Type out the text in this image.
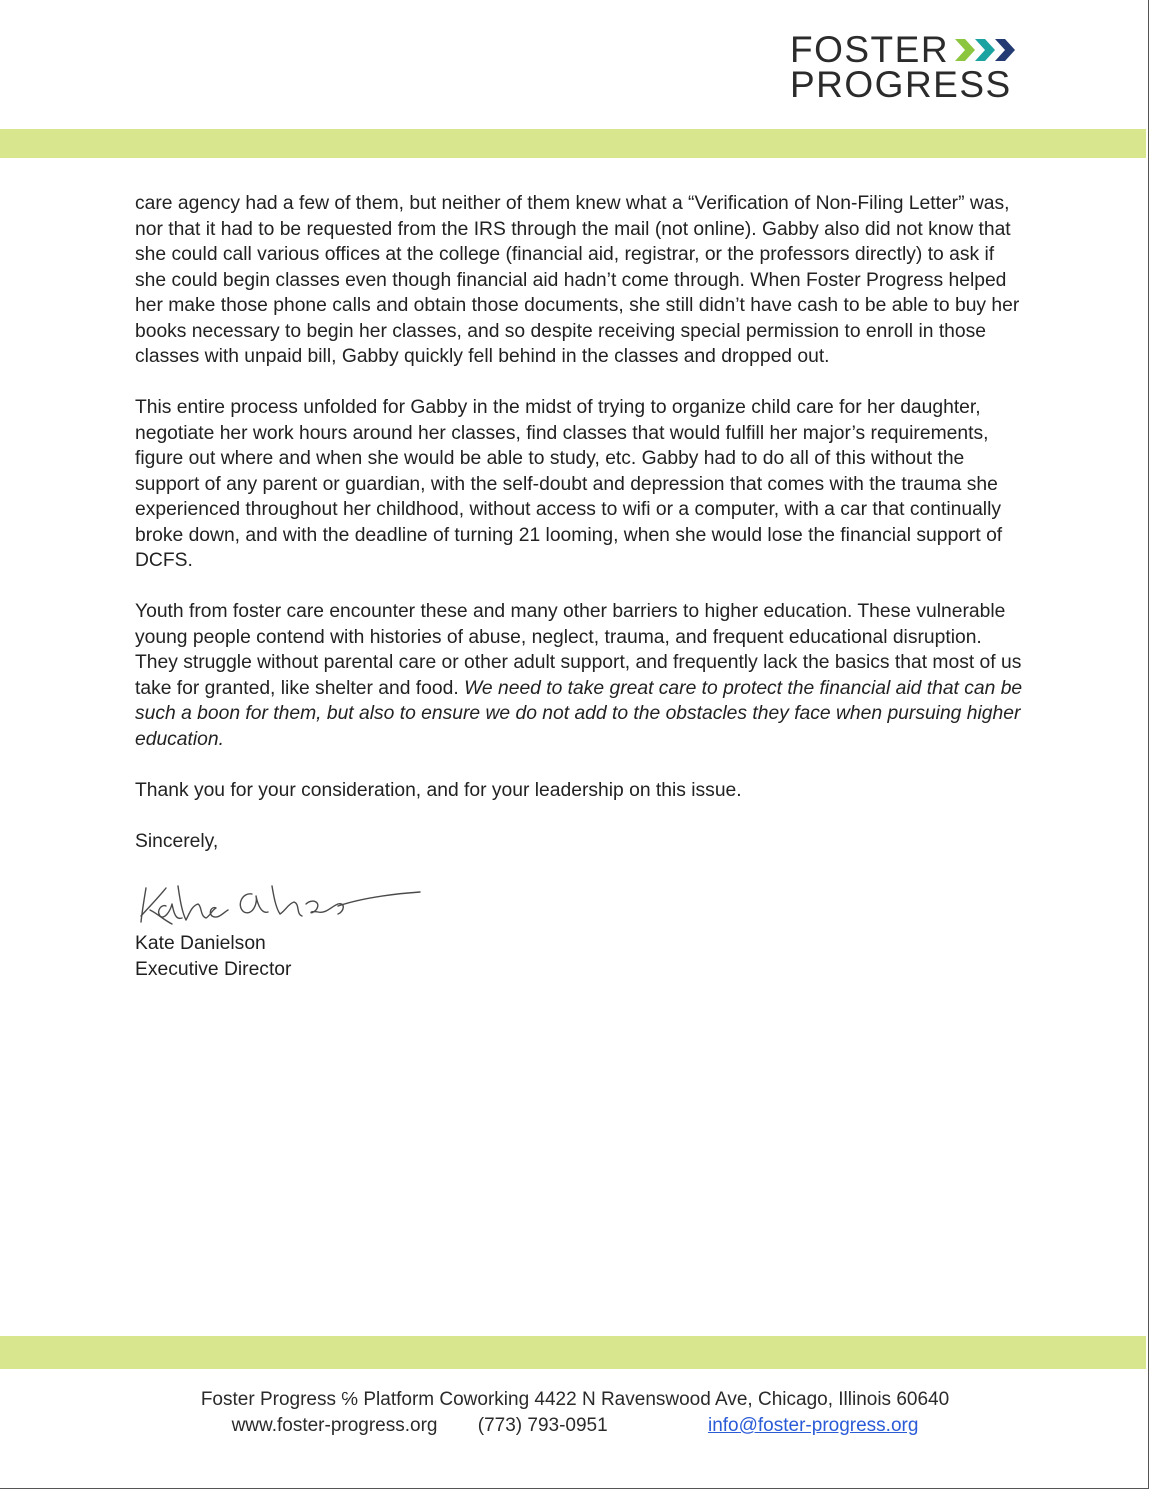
FOSTER
PROGRESS

care agency had a few of them, but neither of them knew what a “Verification of Non-Filing Letter” was, nor that it had to be requested from the IRS through the mail (not online). Gabby also did not know that she could call various offices at the college (financial aid, registrar, or the professors directly) to ask if she could begin classes even though financial aid hadn’t come through. When Foster Progress helped her make those phone calls and obtain those documents, she still didn’t have cash to be able to buy her books necessary to begin her classes, and so despite receiving special permission to enroll in those classes with unpaid bill, Gabby quickly fell behind in the classes and dropped out.

This entire process unfolded for Gabby in the midst of trying to organize child care for her daughter, negotiate her work hours around her classes, find classes that would fulfill her major’s requirements, figure out where and when she would be able to study, etc. Gabby had to do all of this without the support of any parent or guardian, with the self-doubt and depression that comes with the trauma she experienced throughout her childhood, without access to wifi or a computer, with a car that continually broke down, and with the deadline of turning 21 looming, when she would lose the financial support of DCFS.

Youth from foster care encounter these and many other barriers to higher education. These vulnerable young people contend with histories of abuse, neglect, trauma, and frequent educational disruption. They struggle without parental care or other adult support, and frequently lack the basics that most of us take for granted, like shelter and food. We need to take great care to protect the financial aid that can be such a boon for them, but also to ensure we do not add to the obstacles they face when pursuing higher education.

Thank you for your consideration, and for your leadership on this issue.

Sincerely,

Kate Danielson
Executive Director
Foster Progress ℅ Platform Coworking 4422 N Ravenswood Ave, Chicago, Illinois 60640
www.foster-progress.org (773) 793-0951	info@foster-progress.org
